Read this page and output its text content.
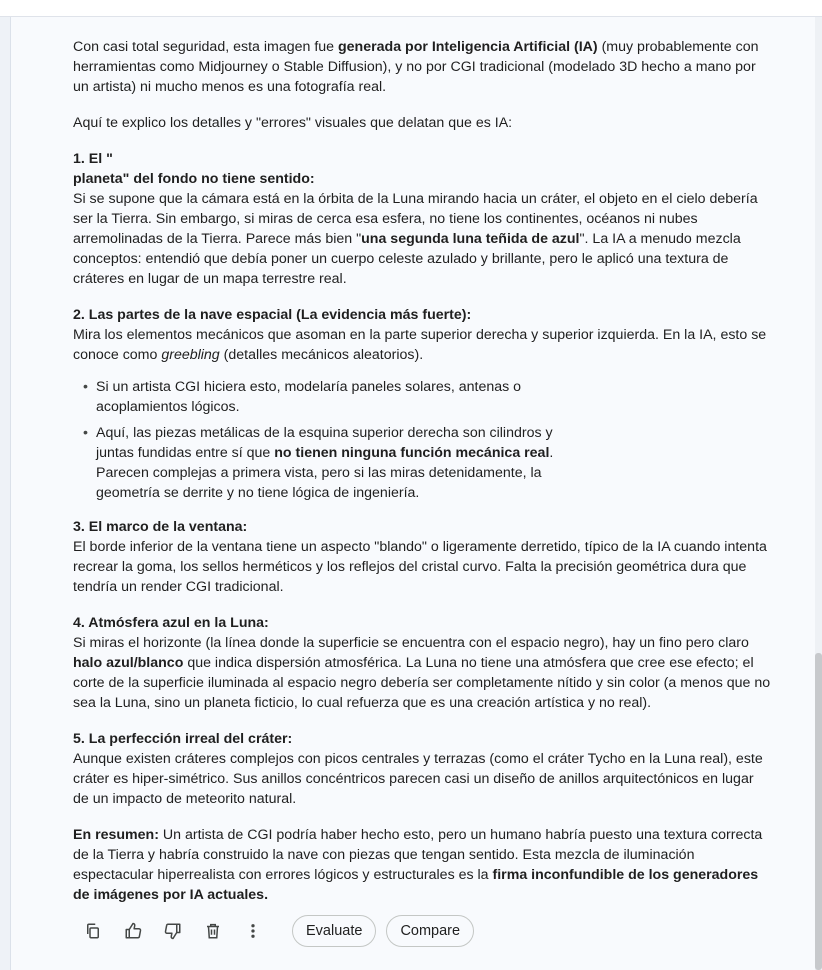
Con casi total seguridad, esta imagen fue generada por Inteligencia Artificial (IA) (muy probablemente con herramientas como Midjourney o Stable Diffusion), y no por CGI tradicional (modelado 3D hecho a mano por un artista) ni mucho menos es una fotografía real.

Aquí te explico los detalles y "errores" visuales que delatan que es IA:

1. El "
planeta" del fondo no tiene sentido:
Si se supone que la cámara está en la órbita de la Luna mirando hacia un cráter, el objeto en el cielo debería ser la Tierra. Sin embargo, si miras de cerca esa esfera, no tiene los continentes, océanos ni nubes arremolinadas de la Tierra. Parece más bien "una segunda luna teñida de azul". La IA a menudo mezcla conceptos: entendió que debía poner un cuerpo celeste azulado y brillante, pero le aplicó una textura de cráteres en lugar de un mapa terrestre real.

2. Las partes de la nave espacial (La evidencia más fuerte):
Mira los elementos mecánicos que asoman en la parte superior derecha y superior izquierda. En la IA, esto se conoce como greebling (detalles mecánicos aleatorios).

• Si un artista CGI hiciera esto, modelaría paneles solares, antenas o acoplamientos lógicos.
• Aquí, las piezas metálicas de la esquina superior derecha son cilindros y juntas fundidas entre sí que no tienen ninguna función mecánica real. Parecen complejas a primera vista, pero si las miras detenidamente, la geometría se derrite y no tiene lógica de ingeniería.

3. El marco de la ventana:
El borde inferior de la ventana tiene un aspecto "blando" o ligeramente derretido, típico de la IA cuando intenta recrear la goma, los sellos herméticos y los reflejos del cristal curvo. Falta la precisión geométrica dura que tendría un render CGI tradicional.

4. Atmósfera azul en la Luna:
Si miras el horizonte (la línea donde la superficie se encuentra con el espacio negro), hay un fino pero claro halo azul/blanco que indica dispersión atmosférica. La Luna no tiene una atmósfera que cree ese efecto; el corte de la superficie iluminada al espacio negro debería ser completamente nítido y sin color (a menos que no sea la Luna, sino un planeta ficticio, lo cual refuerza que es una creación artística y no real).

5. La perfección irreal del cráter:
Aunque existen cráteres complejos con picos centrales y terrazas (como el cráter Tycho en la Luna real), este cráter es hiper-simétrico. Sus anillos concéntricos parecen casi un diseño de anillos arquitectónicos en lugar de un impacto de meteorito natural.

En resumen: Un artista de CGI podría haber hecho esto, pero un humano habría puesto una textura correcta de la Tierra y habría construido la nave con piezas que tengan sentido. Esta mezcla de iluminación espectacular hiperrealista con errores lógicos y estructurales es la firma inconfundible de los generadores de imágenes por IA actuales.

Evaluate	Compare
